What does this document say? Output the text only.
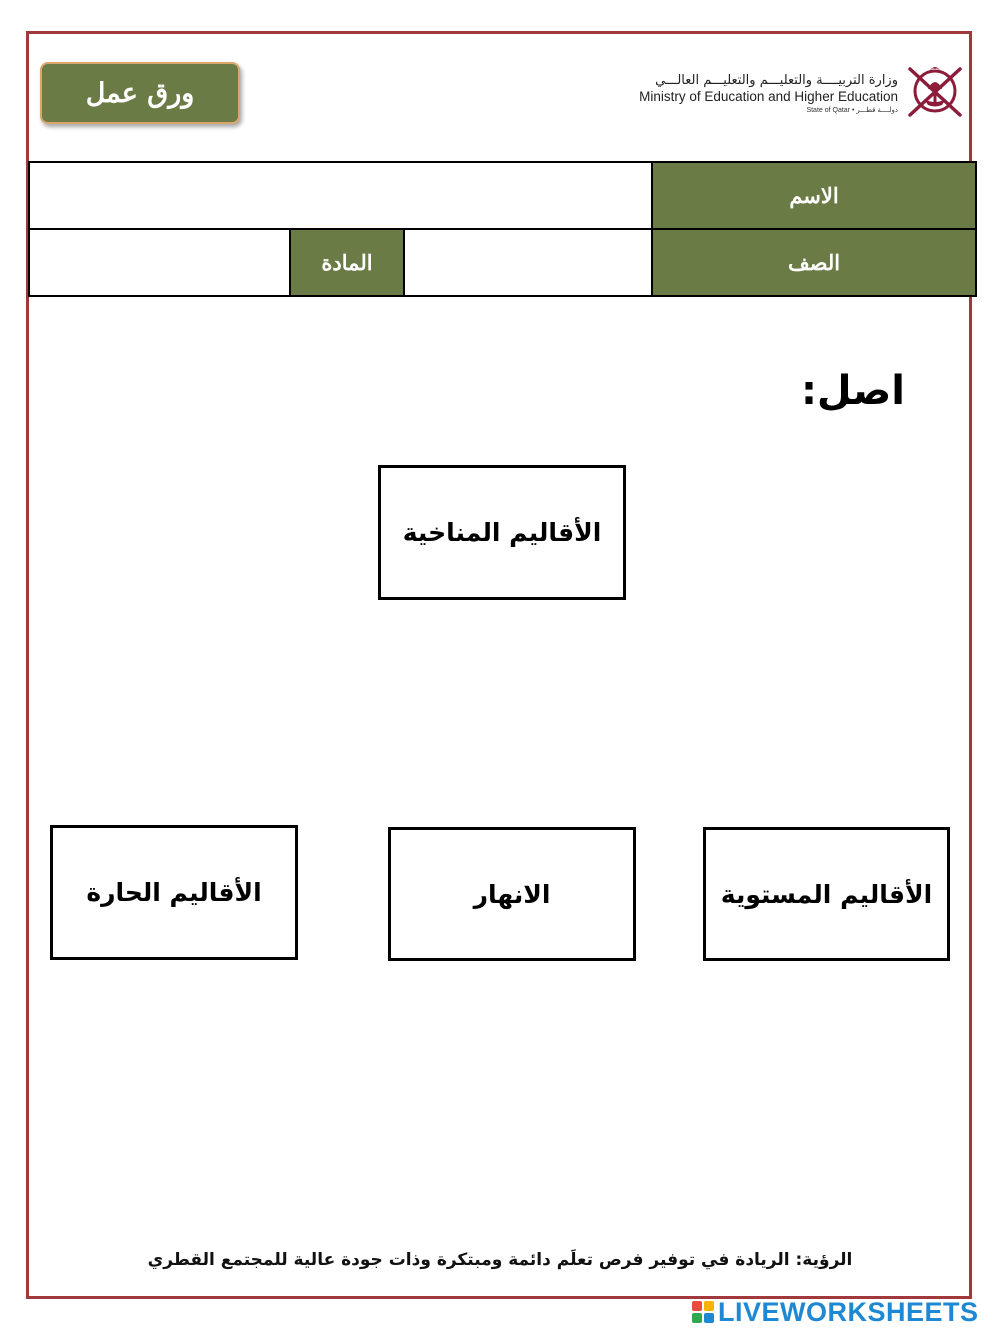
ورق عمل	وزارة التربيــــة والتعليـــم والتعليـــم العالـــي
Ministry of Education and Higher Education
State of Qatar • دولــــة قطـــر
			الاسم
	المادة		الصف
اصل:
الأقاليم المناخية
الأقاليم المستوية
الانهار
الأقاليم الحارة
الرؤية: الريادة في توفير فرص تعلَم دائمة ومبتكرة وذات جودة عالية للمجتمع القطري
LIVEWORKSHEETS
